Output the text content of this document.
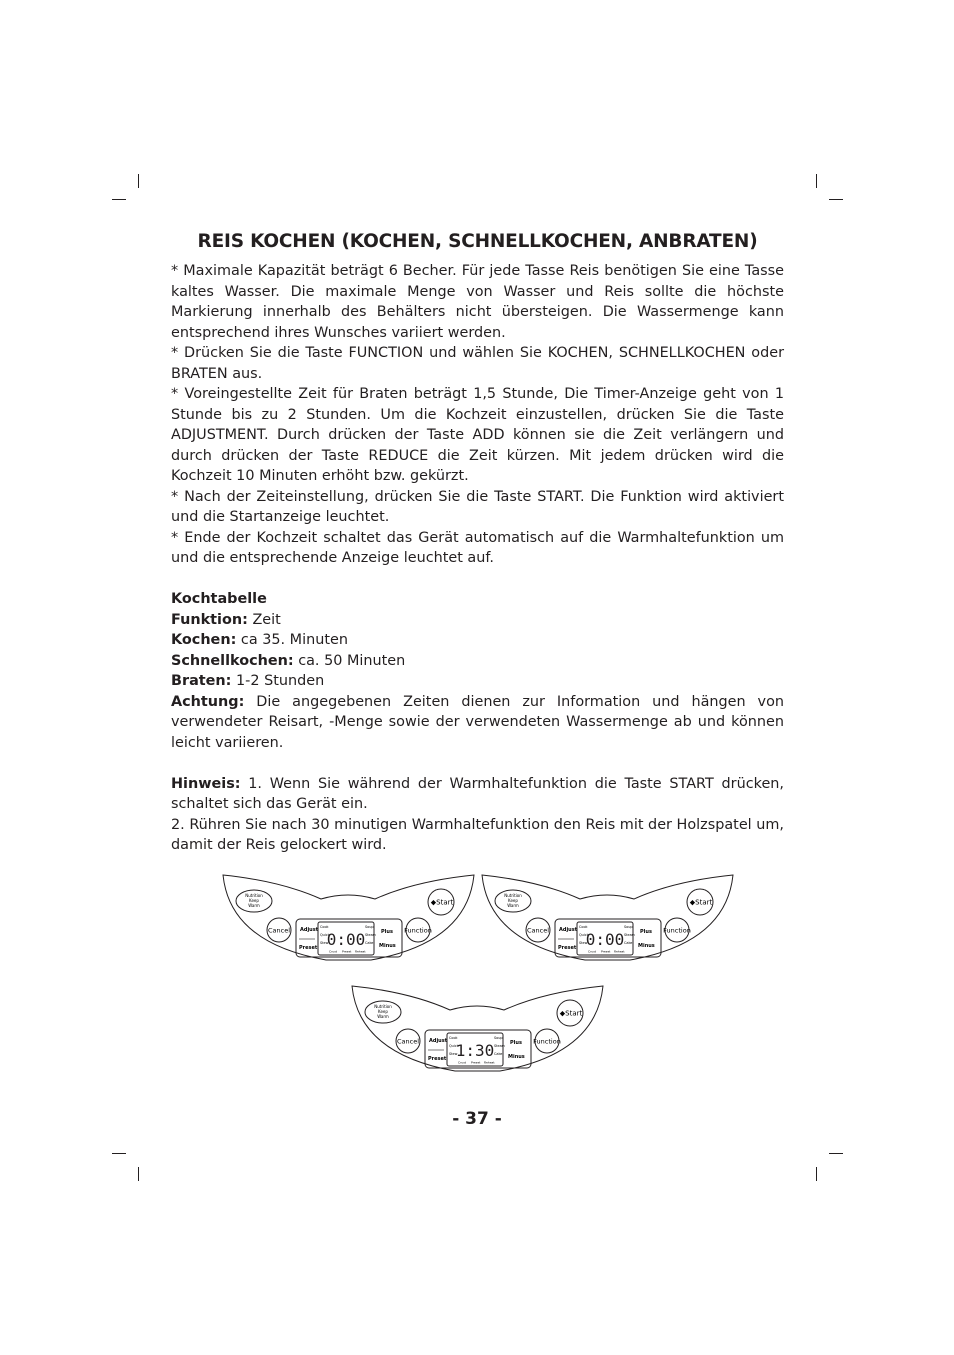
REIS KOCHEN (KOCHEN, SCHNELLKOCHEN, ANBRATEN)

* Maximale Kapazität beträgt 6 Becher. Für jede Tasse Reis benötigen Sie eine Tasse kaltes Wasser. Die maximale Menge von Wasser und Reis sollte die höchste Markierung innerhalb des Behälters nicht übersteigen. Die Wassermenge kann entsprechend ihres Wunsches variiert werden.

* Drücken Sie die Taste FUNCTION und wählen Sie KOCHEN, SCHNELLKOCHEN oder BRATEN aus.

* Voreingestellte Zeit für Braten beträgt 1,5 Stunde, Die Timer-Anzeige geht von 1 Stunde bis zu 2 Stunden. Um die Kochzeit einzustellen, drücken Sie die Taste ADJUSTMENT. Durch drücken der Taste ADD können sie die Zeit verlängern und durch drücken der Taste REDUCE die Zeit kürzen. Mit jedem drücken wird die Kochzeit 10 Minuten erhöht bzw. gekürzt.

* Nach der Zeiteinstellung, drücken Sie die Taste START. Die Funktion wird aktiviert und die Startanzeige leuchtet.

* Ende der Kochzeit schaltet das Gerät automatisch auf die Warmhaltefunktion um und die entsprechende Anzeige leuchtet auf.

Kochtabelle

Funktion: Zeit

Kochen: ca 35. Minuten

Schnellkochen: ca. 50 Minuten

Braten: 1-2 Stunden

Achtung: Die angegebenen Zeiten dienen zur Information und hängen von verwendeter Reisart, -Menge sowie der verwendeten Wassermenge ab und können leicht variieren.

Hinweis: 1. Wenn Sie während der Warmhaltefunktion die Taste START drücken, schaltet sich das Gerät ein.

2. Rühren Sie nach 30 minutigen Warmhaltefunktion den Reis mit der Holzspatel um, damit der Reis gelockert wird.

Nutrition
Keep
Warm	◆Start
Cancel	Function
Adjust
Preset
Plus
Minus
Cook
Quick
Stew
Soup
Steam
Cake
Crust Preset Reheat
0:00
Nutrition
Keep
Warm	◆Start
Cancel	Function
Adjust
Preset
Plus
Minus
Cook
Quick
Stew
Soup
Steam
Cake
Crust Preset Reheat
0:00
Nutrition
Keep
Warm	◆Start
Cancel	Function
Adjust
Preset
Plus
Minus
Cook
Quick
Stew
Soup
Steam
Cake
Crust Preset Reheat
1:30
- 37 -
